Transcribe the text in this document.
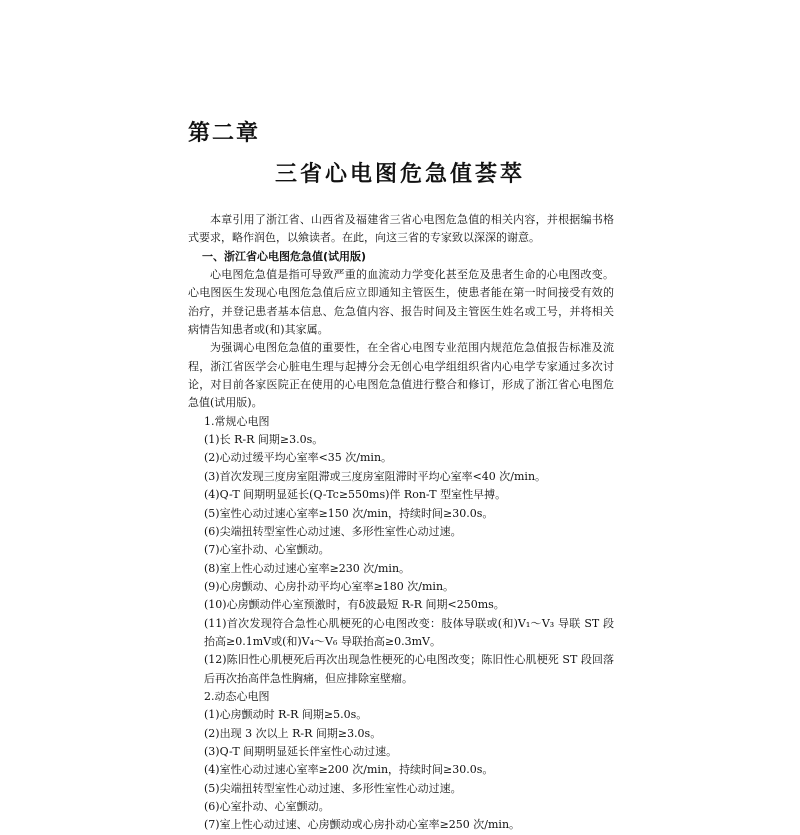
第二章
三省心电图危急值荟萃

本章引用了浙江省、山西省及福建省三省心电图危急值的相关内容，并根据编书格式要求，略作润色，以飨读者。在此，向这三省的专家致以深深的谢意。

一、浙江省心电图危急值(试用版)

心电图危急值是指可导致严重的血流动力学变化甚至危及患者生命的心电图改变。心电图医生发现心电图危急值后应立即通知主管医生，使患者能在第一时间接受有效的治疗，并登记患者基本信息、危急值内容、报告时间及主管医生姓名或工号，并将相关病情告知患者或(和)其家属。

为强调心电图危急值的重要性，在全省心电图专业范围内规范危急值报告标准及流程，浙江省医学会心脏电生理与起搏分会无创心电学组组织省内心电学专家通过多次讨论，对目前各家医院正在使用的心电图危急值进行整合和修订，形成了浙江省心电图危急值(试用版)。

1.常规心电图

(1)长 R-R 间期≥3.0s。

(2)心动过缓平均心室率<35 次/min。

(3)首次发现三度房室阻滞或三度房室阻滞时平均心室率<40 次/min。

(4)Q-T 间期明显延长(Q-Tc≥550ms)伴 Ron-T 型室性早搏。

(5)室性心动过速心室率≥150 次/min，持续时间≥30.0s。

(6)尖端扭转型室性心动过速、多形性室性心动过速。

(7)心室扑动、心室颤动。

(8)室上性心动过速心室率≥230 次/min。

(9)心房颤动、心房扑动平均心室率≥180 次/min。

(10)心房颤动伴心室预激时，有δ波最短 R-R 间期<250ms。

(11)首次发现符合急性心肌梗死的心电图改变：肢体导联或(和)V₁～V₃ 导联 ST 段抬高≥0.1mV或(和)V₄～V₆ 导联抬高≥0.3mV。

(12)陈旧性心肌梗死后再次出现急性梗死的心电图改变；陈旧性心肌梗死 ST 段回落后再次抬高伴急性胸痛，但应排除室壁瘤。

2.动态心电图

(1)心房颤动时 R-R 间期≥5.0s。

(2)出现 3 次以上 R-R 间期≥3.0s。

(3)Q-T 间期明显延长伴室性心动过速。

(4)室性心动过速心室率≥200 次/min，持续时间≥30.0s。

(5)尖端扭转型室性心动过速、多形性室性心动过速。

(6)心室扑动、心室颤动。

(7)室上性心动过速、心房颤动或心房扑动心室率≥250 次/min。
